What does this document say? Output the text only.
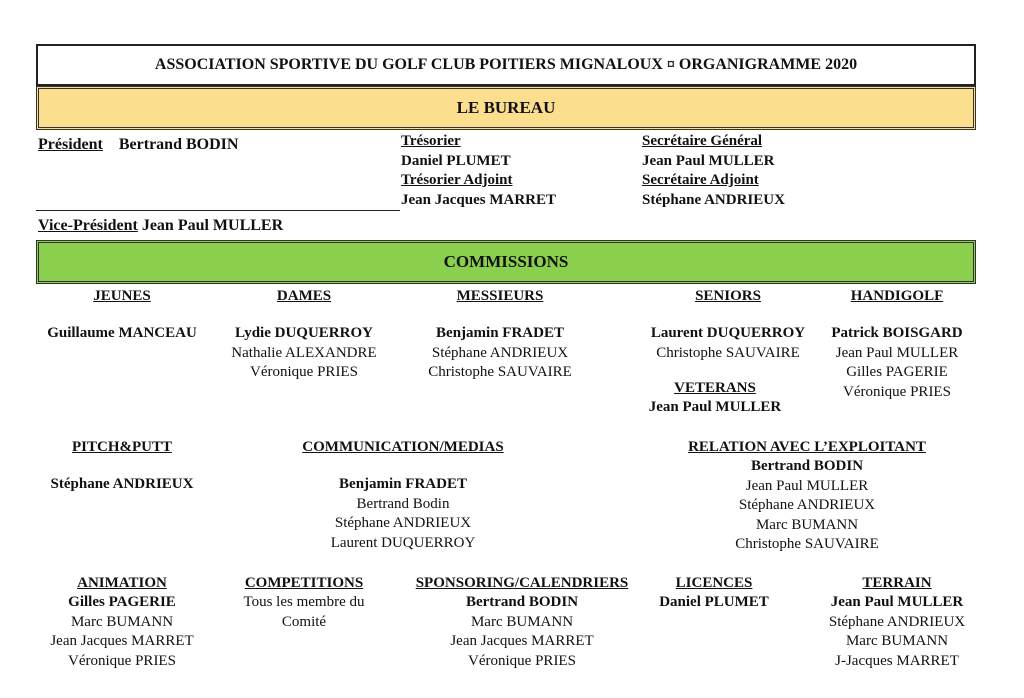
ASSOCIATION SPORTIVE DU GOLF CLUB POITIERS MIGNALOUX ¤ ORGANIGRAMME 2020
LE BUREAU
Président Bertrand BODIN
Vice-Président Jean Paul MULLER
Trésorier
Daniel PLUMET
Trésorier Adjoint
Jean Jacques MARRET
Secrétaire Général
Jean Paul MULLER
Secrétaire Adjoint
Stéphane ANDRIEUX
COMMISSIONS
JEUNES
Guillaume MANCEAU
DAMES
Lydie DUQUERROY
Nathalie ALEXANDRE
Véronique PRIES
MESSIEURS
Benjamin FRADET
Stéphane ANDRIEUX
Christophe SAUVAIRE
SENIORS
Laurent DUQUERROY
Christophe SAUVAIRE
VETERANS
Jean Paul MULLER
HANDIGOLF
Patrick BOISGARD
Jean Paul MULLER
Gilles PAGERIE
Véronique PRIES
PITCH&PUTT
Stéphane ANDRIEUX
COMMUNICATION/MEDIAS
Benjamin FRADET
Bertrand Bodin
Stéphane ANDRIEUX
Laurent DUQUERROY
RELATION AVEC L’EXPLOITANT
Bertrand BODIN
Jean Paul MULLER
Stéphane ANDRIEUX
Marc BUMANN
Christophe SAUVAIRE
ANIMATION
Gilles PAGERIE
Marc BUMANN
Jean Jacques MARRET
Véronique PRIES
COMPETITIONS
Tous les membre du
Comité
SPONSORING/CALENDRIERS
Bertrand BODIN
Marc BUMANN
Jean Jacques MARRET
Véronique PRIES
LICENCES
Daniel PLUMET
TERRAIN
Jean Paul MULLER
Stéphane ANDRIEUX
Marc BUMANN
J-Jacques MARRET
